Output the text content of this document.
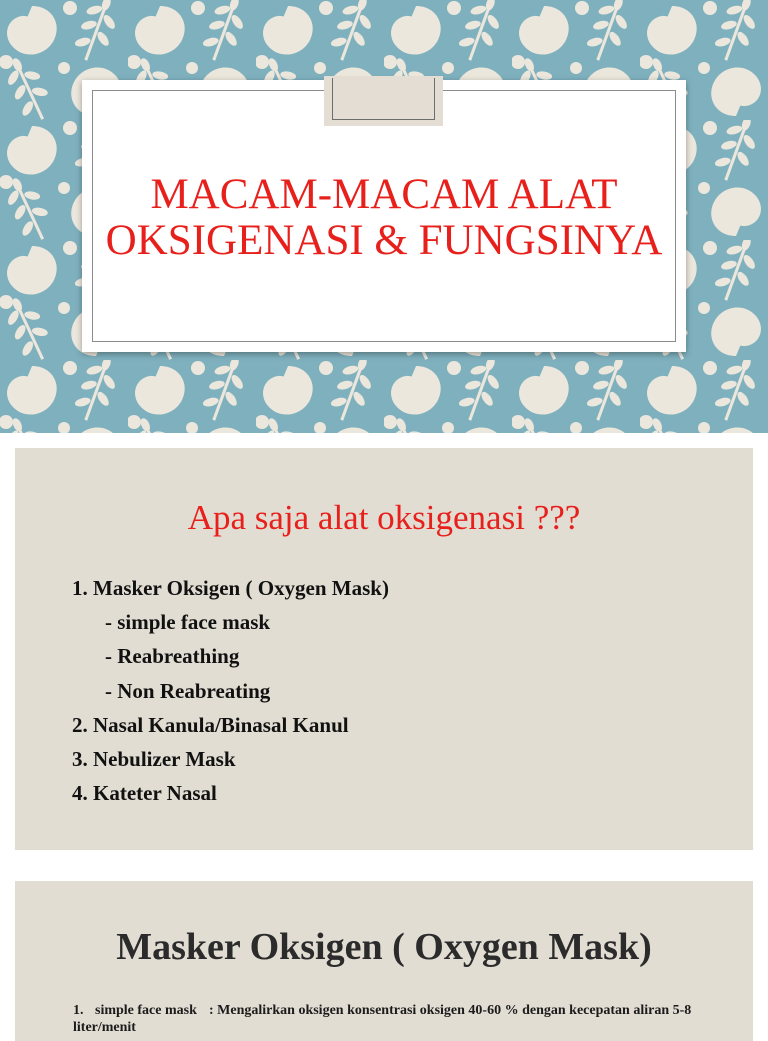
MACAM-MACAM ALAT OKSIGENASI & FUNGSINYA
Apa saja alat oksigenasi ???
1. Masker Oksigen ( Oxygen Mask)
- simple face mask
- Reabreathing
- Non Reabreating
2. Nasal Kanula/Binasal Kanul
3. Nebulizer Mask
4. Kateter Nasal
Masker Oksigen ( Oxygen Mask)
1. simple face mask : Mengalirkan oksigen konsentrasi oksigen 40-60 % dengan kecepatan aliran 5-8 liter/menit
